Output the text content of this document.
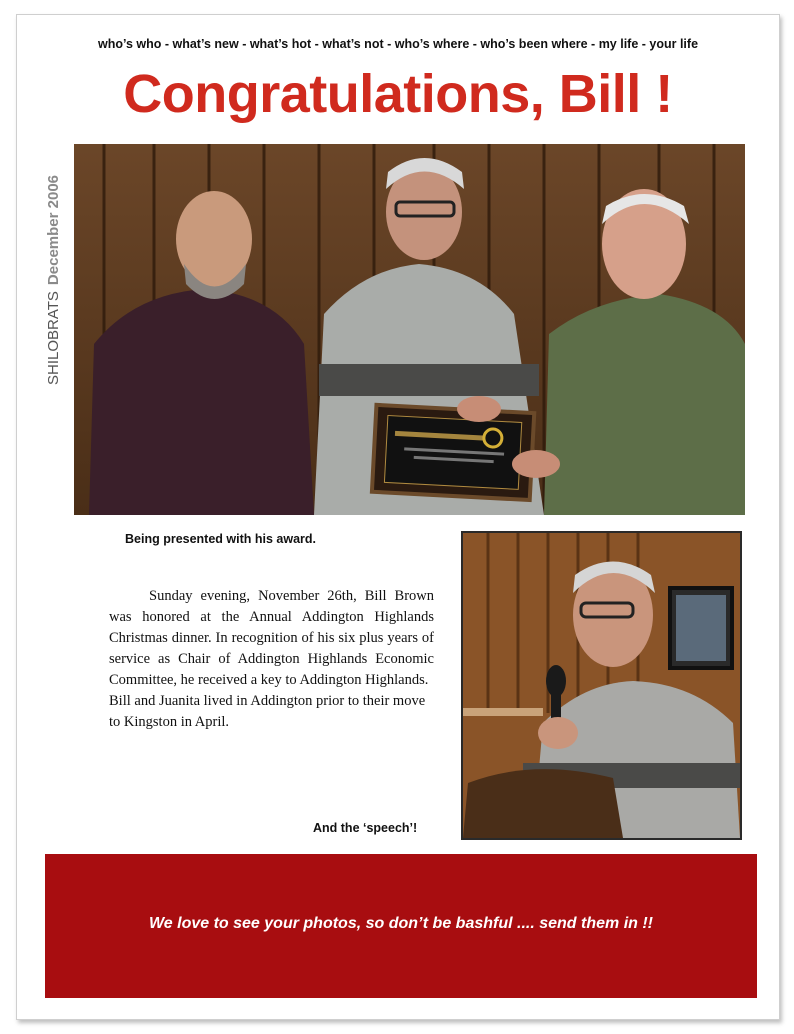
who’s who - what’s new - what’s hot - what’s not - who’s where - who’s been where - my life - your life
Congratulations, Bill !
SHILOBRATSDecember 2006
Being presented with his award.

Sunday evening, November 26th, Bill Brown was honored at the Annual Addington Highlands Christmas dinner. In recognition of his six plus years of service as Chair of Addington Highlands Economic Committee, he received a key to Addington Highlands.

Bill and Juanita lived in Addington prior to their move to Kingston in April.

And the ‘speech’!
We love to see your photos, so don’t be bashful .... send them in !!
